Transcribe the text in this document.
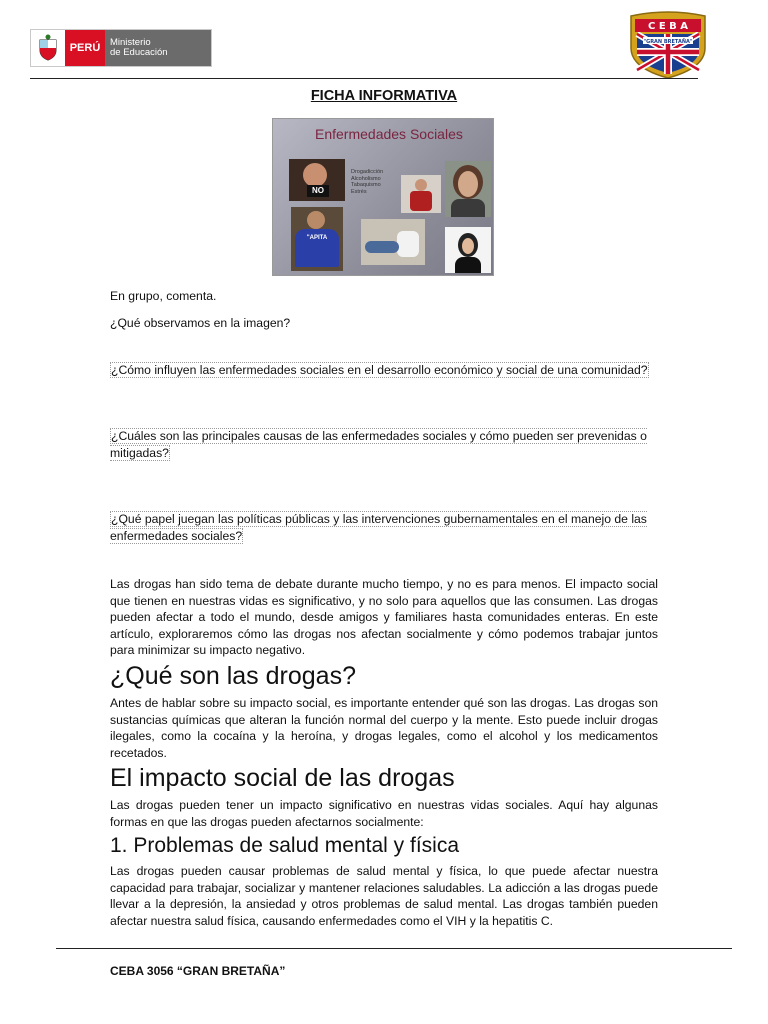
PERÚ	Ministerio
de Educación
C E B A
"GRAN BRETAÑA"
FICHA INFORMATIVA
Enfermedades Sociales
Drogadicción
Alcoholismo
Tabaquismo
Estrés
NO
"APITA
En grupo, comenta.
¿Qué observamos en la imagen?
¿Cómo influyen las enfermedades sociales en el desarrollo económico y social de una comunidad?
¿Cuáles son las principales causas de las enfermedades sociales y cómo pueden ser prevenidas o mitigadas?
¿Qué papel juegan las políticas públicas y las intervenciones gubernamentales en el manejo de las enfermedades sociales?
Las drogas han sido tema de debate durante mucho tiempo, y no es para menos. El impacto social que tienen en nuestras vidas es significativo, y no solo para aquellos que las consumen. Las drogas pueden afectar a todo el mundo, desde amigos y familiares hasta comunidades enteras. En este artículo, exploraremos cómo las drogas nos afectan socialmente y cómo podemos trabajar juntos para minimizar su impacto negativo.
¿Qué son las drogas?
Antes de hablar sobre su impacto social, es importante entender qué son las drogas. Las drogas son sustancias químicas que alteran la función normal del cuerpo y la mente. Esto puede incluir drogas ilegales, como la cocaína y la heroína, y drogas legales, como el alcohol y los medicamentos recetados.
El impacto social de las drogas
Las drogas pueden tener un impacto significativo en nuestras vidas sociales. Aquí hay algunas formas en que las drogas pueden afectarnos socialmente:
1. Problemas de salud mental y física
Las drogas pueden causar problemas de salud mental y física, lo que puede afectar nuestra capacidad para trabajar, socializar y mantener relaciones saludables. La adicción a las drogas puede llevar a la depresión, la ansiedad y otros problemas de salud mental. Las drogas también pueden afectar nuestra salud física, causando enfermedades como el VIH y la hepatitis C.
CEBA 3056 “GRAN BRETAÑA”
